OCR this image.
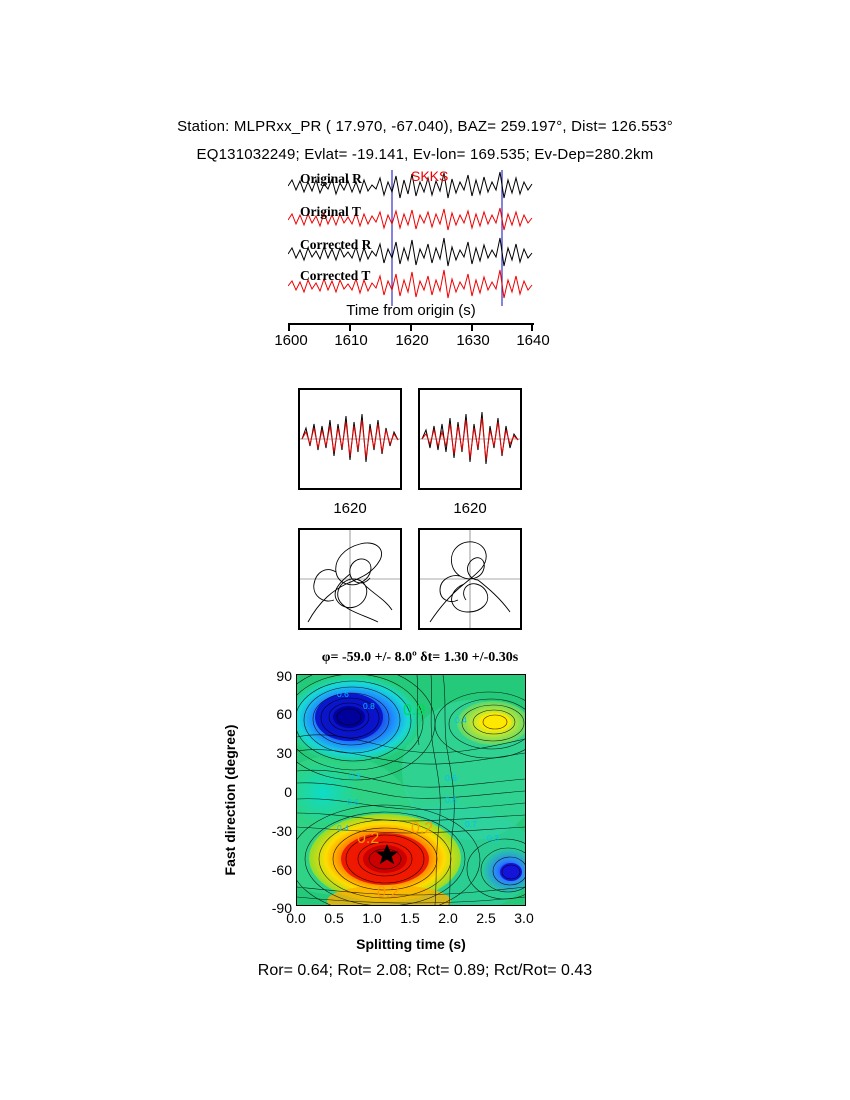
Station: MLPRxx_PR ( 17.970, -67.040), BAZ= 259.197°, Dist= 126.553°
EQ131032249; Evlat= -19.141, Ev-lon= 169.535; Ev-Dep=280.2km
Original R
Original T
Corrected R
Corrected T
SKKS
Time from origin (s)
1600	1610	1620	1630	1640
1620	1620
φ= -59.0 +/- 8.0º δt= 1.30 +/-0.30s
90
60
30
0
-30
-60
-90
Fast direction (degree)
0.6
0.8 0.9
0.4
0.8
0.6
0.6
0.6
0.4
0.2
0.2	0.7
0.3
0.2
0.0	0.5	1.0	1.5	2.0	2.5	3.0
Splitting time (s)
Ror= 0.64; Rot= 2.08; Rct= 0.89; Rct/Rot= 0.43
